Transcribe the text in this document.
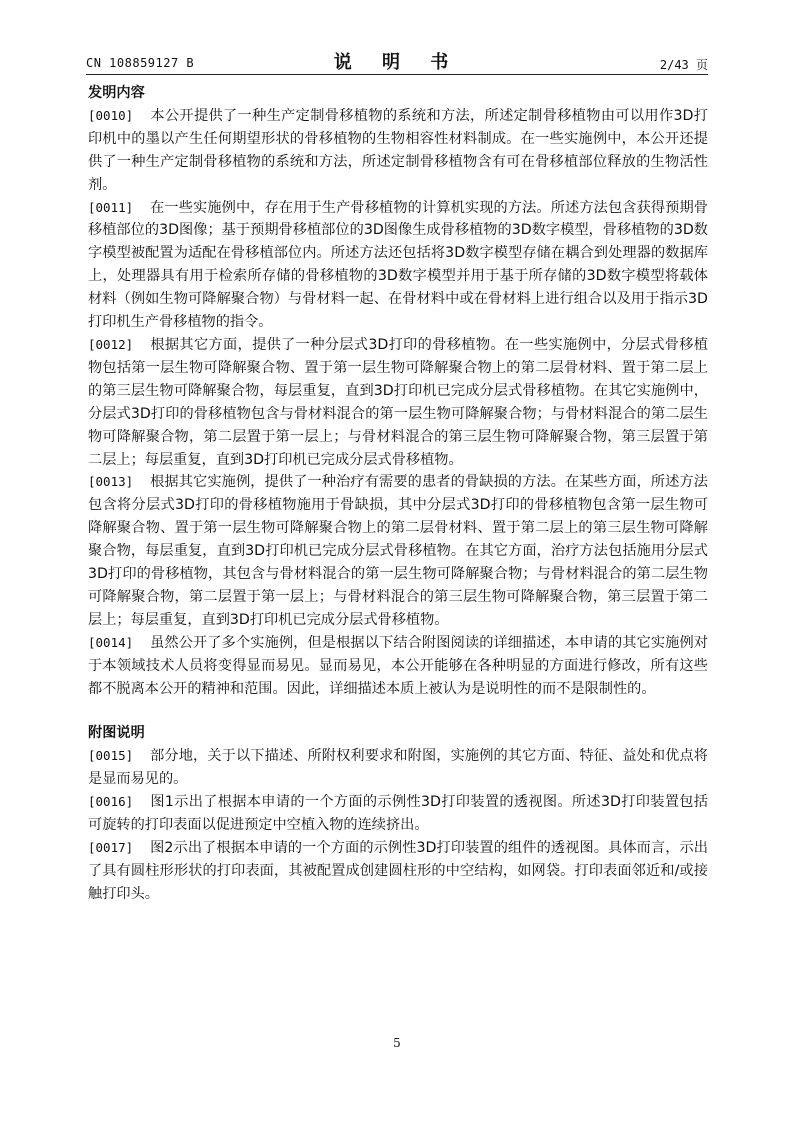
CN 108859127 B	说 明 书	2/43 页

发明内容

[0010] 本公开提供了一种生产定制骨移植物的系统和方法，所述定制骨移植物由可以用作3D打印机中的墨以产生任何期望形状的骨移植物的生物相容性材料制成。在一些实施例中，本公开还提供了一种生产定制骨移植物的系统和方法，所述定制骨移植物含有可在骨移植部位释放的生物活性剂。

[0011] 在一些实施例中，存在用于生产骨移植物的计算机实现的方法。所述方法包含获得预期骨移植部位的3D图像；基于预期骨移植部位的3D图像生成骨移植物的3D数字模型，骨移植物的3D数字模型被配置为适配在骨移植部位内。所述方法还包括将3D数字模型存储在耦合到处理器的数据库上，处理器具有用于检索所存储的骨移植物的3D数字模型并用于基于所存储的3D数字模型将载体材料（例如生物可降解聚合物）与骨材料一起、在骨材料中或在骨材料上进行组合以及用于指示3D打印机生产骨移植物的指令。

[0012] 根据其它方面，提供了一种分层式3D打印的骨移植物。在一些实施例中，分层式骨移植物包括第一层生物可降解聚合物、置于第一层生物可降解聚合物上的第二层骨材料、置于第二层上的第三层生物可降解聚合物，每层重复，直到3D打印机已完成分层式骨移植物。在其它实施例中，分层式3D打印的骨移植物包含与骨材料混合的第一层生物可降解聚合物；与骨材料混合的第二层生物可降解聚合物，第二层置于第一层上；与骨材料混合的第三层生物可降解聚合物，第三层置于第二层上；每层重复，直到3D打印机已完成分层式骨移植物。

[0013] 根据其它实施例，提供了一种治疗有需要的患者的骨缺损的方法。在某些方面，所述方法包含将分层式3D打印的骨移植物施用于骨缺损，其中分层式3D打印的骨移植物包含第一层生物可降解聚合物、置于第一层生物可降解聚合物上的第二层骨材料、置于第二层上的第三层生物可降解聚合物，每层重复，直到3D打印机已完成分层式骨移植物。在其它方面，治疗方法包括施用分层式3D打印的骨移植物，其包含与骨材料混合的第一层生物可降解聚合物；与骨材料混合的第二层生物可降解聚合物，第二层置于第一层上；与骨材料混合的第三层生物可降解聚合物，第三层置于第二层上；每层重复，直到3D打印机已完成分层式骨移植物。

[0014] 虽然公开了多个实施例，但是根据以下结合附图阅读的详细描述，本申请的其它实施例对于本领域技术人员将变得显而易见。显而易见，本公开能够在各种明显的方面进行修改，所有这些都不脱离本公开的精神和范围。因此，详细描述本质上被认为是说明性的而不是限制性的。

附图说明

[0015] 部分地，关于以下描述、所附权利要求和附图，实施例的其它方面、特征、益处和优点将是显而易见的。

[0016] 图1示出了根据本申请的一个方面的示例性3D打印装置的透视图。所述3D打印装置包括可旋转的打印表面以促进预定中空植入物的连续挤出。

[0017] 图2示出了根据本申请的一个方面的示例性3D打印装置的组件的透视图。具体而言，示出了具有圆柱形形状的打印表面，其被配置成创建圆柱形的中空结构，如网袋。打印表面邻近和/或接触打印头。

5
